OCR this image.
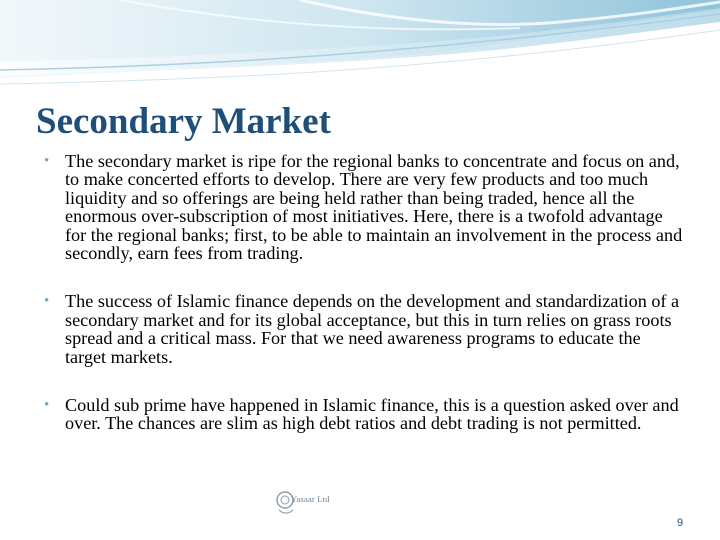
Secondary Market
• The secondary market is ripe for the regional banks to concentrate and focus on and, to make concerted efforts to develop. There are very few products and too much liquidity and so offerings are being held rather than being traded, hence all the enormous over-subscription of most initiatives. Here, there is a twofold advantage for the regional banks; first, to be able to maintain an involvement in the process and secondly, earn fees from trading.
• The success of Islamic finance depends on the development and standardization of a secondary market and for its global acceptance, but this in turn relies on grass roots spread and a critical mass. For that we need awareness programs to educate the target markets.
• Could sub prime have happened in Islamic finance, this is a question asked over and over. The chances are slim as high debt ratios and debt trading is not permitted.
Yasaar Ltd
9
